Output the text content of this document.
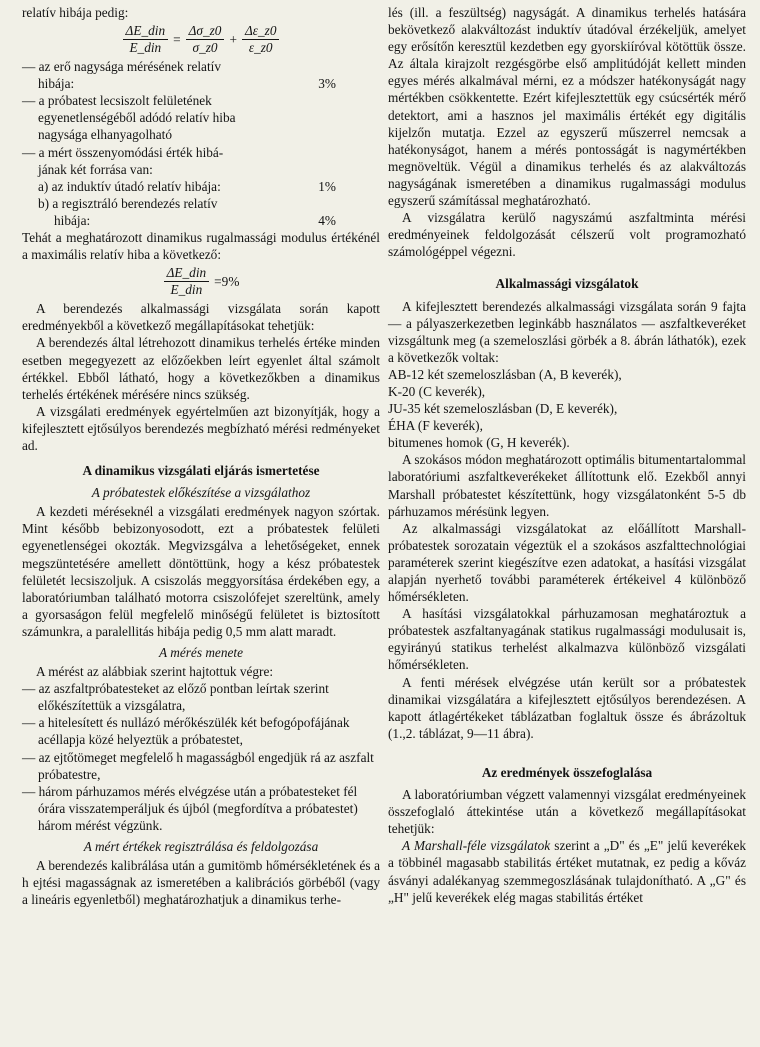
relatív hibája pedig:

$\frac{\text{ΔE\_din}}{\text{E\_din}} = \frac{\Delta\sigma\_z0}{\sigma\_z0} + \frac{\Delta\varepsilon\_z0}{\varepsilon\_z0}$
— az erő nagysága mérésének relatív
hibája:	3%
— a próbatest lecsiszolt felületének
egyenetlenségéből adódó relatív hiba
nagysága elhanyagolható
— a mért összenyomódási érték hibá-
jának két forrása van:
a) az induktív útadó relatív hibája:	1%
b) a regisztráló berendezés relatív
hibája:	4%

Tehát a meghatározott dinamikus rugalmassági modulus értékénél a maximális relatív hiba a következő:

$\frac{\text{ΔE\_din}}{\text{E\_din}} =9\%$

A berendezés alkalmassági vizsgálata során kapott eredményekből a következő megállapításokat tehetjük:

A berendezés által létrehozott dinamikus terhelés értéke minden esetben megegyezett az előzőekben leírt egyenlet által számolt értékkel. Ebből látható, hogy a következőkben a dinamikus terhelés értékének mérésére nincs szükség.

A vizsgálati eredmények egyértelműen azt bizonyítják, hogy a kifejlesztett ejtősúlyos berendezés megbízható mérési redményeket ad.

A dinamikus vizsgálati eljárás ismertetése
A próbatestek előkészítése a vizsgálathoz

A kezdeti méréseknél a vizsgálati eredmények nagyon szórtak. Mint később bebizonyosodott, ezt a próbatestek felületi egyenetlenségei okozták. Megvizsgálva a lehetőségeket, ennek megszüntetésére amellett döntöttünk, hogy a kész próbatestek felületét lecsiszoljuk. A csiszolás meggyorsítása érdekében egy, a laboratóriumban található motorra csiszolófejet szereltünk, amely a gyorsaságon felül megfelelő minőségű felületet is biztosított számunkra, a paralellitás hibája pedig 0,5 mm alatt maradt.

A mérés menete

A mérést az alábbiak szerint hajtottuk végre:

— az aszfaltpróbatesteket az előző pontban leírtak szerint előkészítettük a vizsgálatra,

— a hitelesített és nullázó mérőkészülék két befogópofájának acéllapja közé helyeztük a próbatestet,

— az ejtőtömeget megfelelő h magasságból engedjük rá az aszfalt próbatestre,

— három párhuzamos mérés elvégzése után a próbatesteket fél órára visszatemperáljuk és újból (megfordítva a próbatestet) három mérést végzünk.

A mért értékek regisztrálása és feldolgozása

A berendezés kalibrálása után a gumitömb hőmérsékletének és a h ejtési magasságnak az ismeretében a kalibrációs görbéből (vagy a lineáris egyenletből) meghatározhatjuk a dinamikus terhe-

lés (ill. a feszültség) nagyságát. A dinamikus terhelés hatására bekövetkező alakváltozást induktív útadóval érzékeljük, amelyet egy erősítőn keresztül kezdetben egy gyorskiíróval kötöttük össze. Az általa kirajzolt rezgésgörbe első amplitúdóját kellett minden egyes mérés alkalmával mérni, ez a módszer hatékonyságát nagy mértékben csökkentette. Ezért kifejlesztettük egy csúcsérték mérő detektort, ami a hasznos jel maximális értékét egy digitális kijelzőn mutatja. Ezzel az egyszerű műszerrel nemcsak a hatékonyságot, hanem a mérés pontosságát is nagymértékben megnöveltük. Végül a dinamikus terhelés és az alakváltozás nagyságának ismeretében a dinamikus rugalmassági modulus egyszerű számítással meghatározható.

A vizsgálatra kerülő nagyszámú aszfaltminta mérési eredményeinek feldolgozását célszerű volt programozható számológéppel végezni.

Alkalmassági vizsgálatok

A kifejlesztett berendezés alkalmassági vizsgálata során 9 fajta — a pályaszerkezetben leginkább használatos — aszfaltkeveréket vizsgáltunk meg (a szemeloszlási görbék a 8. ábrán láthatók), ezek a következők voltak:

AB-12 két szemeloszlásban (A, B keverék),
K-20 (C keverék),
JU-35 két szemeloszlásban (D, E keverék),
ÉHA (F keverék),
bitumenes homok (G, H keverék).

A szokásos módon meghatározott optimális bitumentartalommal laboratóriumi aszfaltkeverékeket állítottunk elő. Ezekből annyi Marshall próbatestet készítettünk, hogy vizsgálatonként 5-5 db párhuzamos mérésünk legyen.

Az alkalmassági vizsgálatokat az előállított Marshall-próbatestek sorozatain végeztük el a szokásos aszfalttechnológiai paraméterek szerint kiegészítve ezen adatokat, a hasítási vizsgálat alapján nyerhető további paraméterek értékeivel 4 különböző hőmérsékleten.

A hasítási vizsgálatokkal párhuzamosan meghatároztuk a próbatestek aszfaltanyagának statikus rugalmassági modulusait is, egyirányú statikus terhelést alkalmazva különböző vizsgálati hőmérsékleten.

A fenti mérések elvégzése után került sor a próbatestek dinamikai vizsgálatára a kifejlesztett ejtősúlyos berendezésen. A kapott átlagértékeket táblázatban foglaltuk össze és ábrázoltuk (1.,2. táblázat, 9—11 ábra).

Az eredmények összefoglalása

A laboratóriumban végzett valamennyi vizsgálat eredményeinek összefoglaló áttekintése után a következő megállapításokat tehetjük:

A Marshall-féle vizsgálatok szerint a „D" és „E" jelű keverékek a többinél magasabb stabilitás értéket mutatnak, ez pedig a kőváz ásványi adalékanyag szemmegoszlásának tulajdonítható. A „G" és „H" jelű keverékek elég magas stabilitás értéket
